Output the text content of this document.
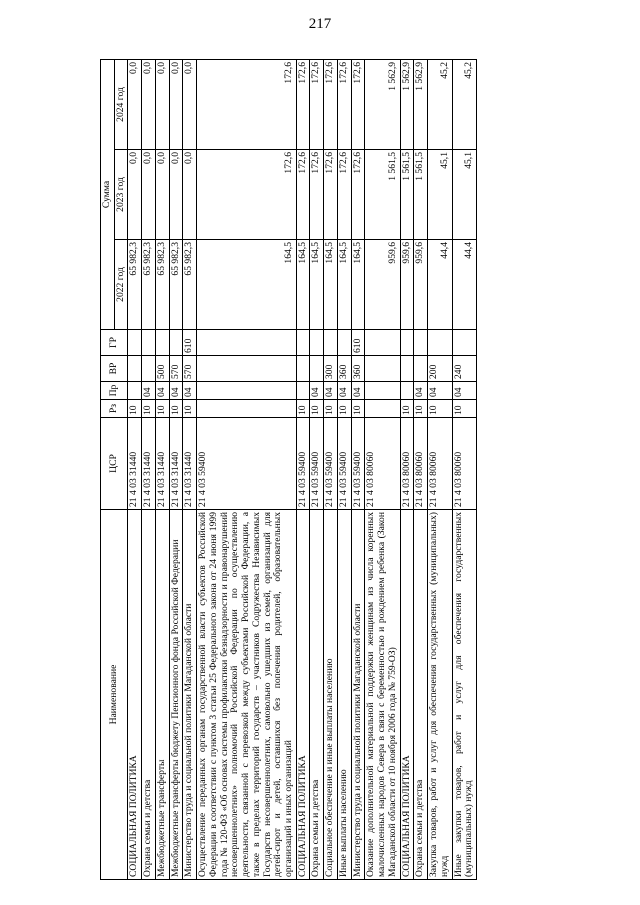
217
Наименование	ЦСР	Рз	Пр	ВР	ГР	Сумма		
						2022 год	2023 год	2024 год
СОЦИАЛЬНАЯ ПОЛИТИКА	21 4 03 31440	10				65 982,3	0,0	0,0
Охрана семьи и детства	21 4 03 31440	10	04			65 982,3	0,0	0,0
Межбюджетные трансферты	21 4 03 31440	10	04	500		65 982,3	0,0	0,0
Межбюджетные трансферты бюджету Пенсионного фонда Российской Федерации	21 4 03 31440	10	04	570		65 982,3	0,0	0,0
Министерство труда и социальной политики Магаданской области	21 4 03 31440	10	04	570	610	65 982,3	0,0	0,0
Осуществление переданных органам государственной власти субъектов Российской Федерации в соответствии с пунктом 3 статьи 25 Федерального закона от 24 июня 1999 года № 120-ФЗ «Об основах системы профилактики безнадзорности и правонарушений несовершеннолетних» полномочий Российской Федерации по осуществлению деятельности, связанной с перевозкой между субъектами Российской Федерации, а также в пределах территорий государств – участников Содружества Независимых Государств несовершеннолетних, самовольно ушедших из семей, организаций для детей-сирот и детей, оставшихся без попечения родителей, образовательных организаций и иных организаций	21 4 03 59400					164,5	172,6	172,6
СОЦИАЛЬНАЯ ПОЛИТИКА	21 4 03 59400	10				164,5	172,6	172,6
Охрана семьи и детства	21 4 03 59400	10	04			164,5	172,6	172,6
Социальное обеспечение и иные выплаты населению	21 4 03 59400	10	04	300		164,5	172,6	172,6
Иные выплаты населению	21 4 03 59400	10	04	360		164,5	172,6	172,6
Министерство труда и социальной политики Магаданской области	21 4 03 59400	10	04	360	610	164,5	172,6	172,6
Оказание дополнительной материальной поддержки женщинам из числа коренных малочисленных народов Севера в связи с беременностью и рождением ребенка (Закон Магаданской области от 10 ноября 2006 года № 759-ОЗ)	21 4 03 80060					959,6	1 561,5	1 562,9
СОЦИАЛЬНАЯ ПОЛИТИКА	21 4 03 80060	10				959,6	1 561,5	1 562,9
Охрана семьи и детства	21 4 03 80060	10	04			959,6	1 561,5	1 562,9
Закупка товаров, работ и услуг для обеспечения государственных (муниципальных) нужд	21 4 03 80060	10	04	200		44,4	45,1	45,2
Иные закупки товаров, работ и услуг для обеспечения государственных (муниципальных) нужд	21 4 03 80060	10	04	240		44,4	45,1	45,2
